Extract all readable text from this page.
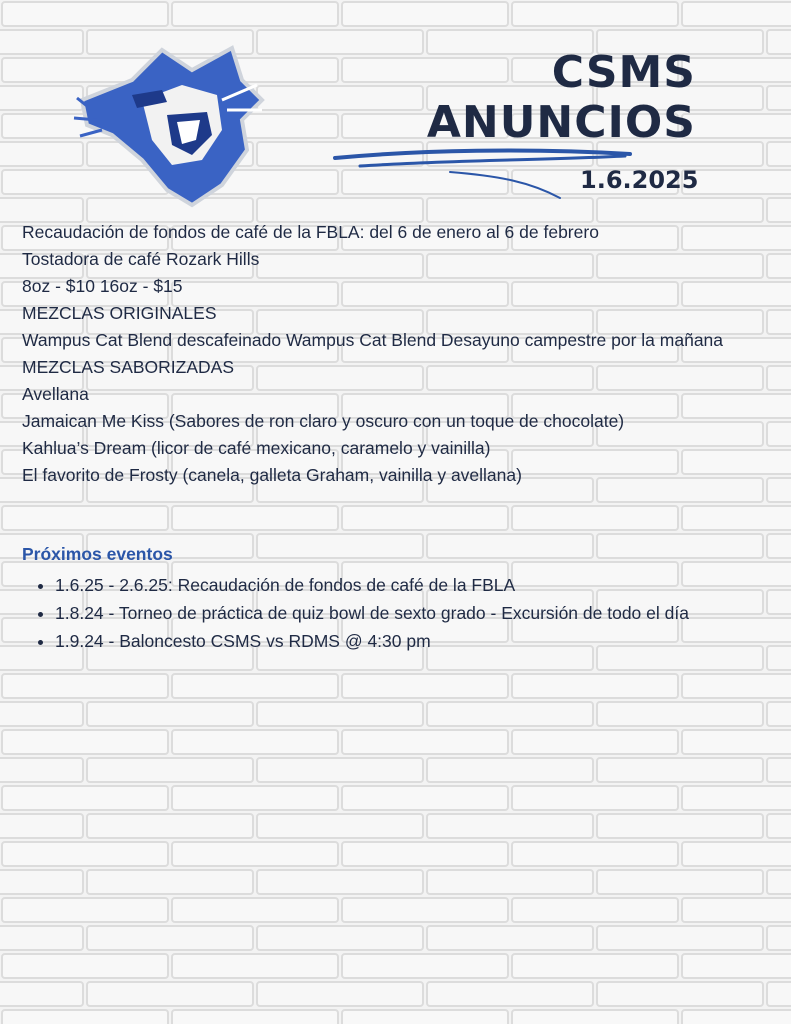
CSMS
ANUNCIOS
1.6.2025

Recaudación de fondos de café de la FBLA: del 6 de enero al 6 de febrero

Tostadora de café Rozark Hills

8oz - $10 16oz - $15

MEZCLAS ORIGINALES

Wampus Cat Blend descafeinado Wampus Cat Blend Desayuno campestre por la mañana

MEZCLAS SABORIZADAS

Avellana

Jamaican Me Kiss (Sabores de ron claro y oscuro con un toque de chocolate)

Kahlua’s Dream (licor de café mexicano, caramelo y vainilla)

El favorito de Frosty (canela, galleta Graham, vainilla y avellana)

Próximos eventos
• 1.6.25 - 2.6.25: Recaudación de fondos de café de la FBLA
• 1.8.24 - Torneo de práctica de quiz bowl de sexto grado - Excursión de todo el día
• 1.9.24 - Baloncesto CSMS vs RDMS @ 4:30 pm
